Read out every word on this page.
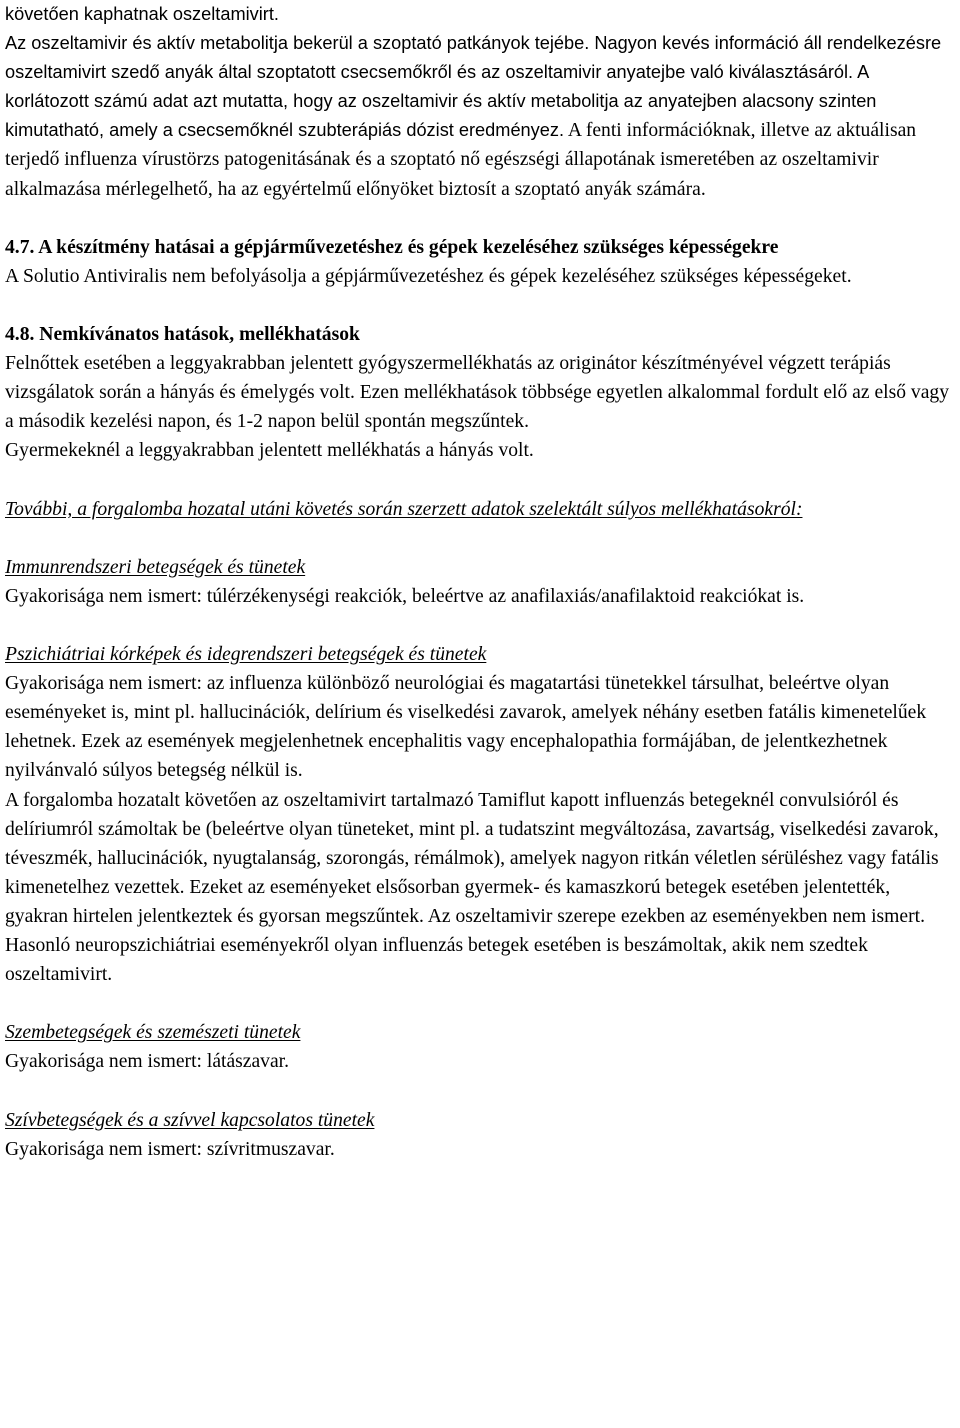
követően kaphatnak oszeltamivirt.

Az oszeltamivir és aktív metabolitja bekerül a szoptató patkányok tejébe. Nagyon kevés információ áll rendelkezésre oszeltamivirt szedő anyák által szoptatott csecsemőkről és az oszeltamivir anyatejbe való kiválasztásáról. A korlátozott számú adat azt mutatta, hogy az oszeltamivir és aktív metabolitja az anyatejben alacsony szinten kimutatható, amely a csecsemőknél szubterápiás dózist eredményez. A fenti információknak, illetve az aktuálisan terjedő influenza vírustörzs patogenitásának és a szoptató nő egészségi állapotának ismeretében az oszeltamivir alkalmazása mérlegelhető, ha az egyértelmű előnyöket biztosít a szoptató anyák számára.

4.7. A készítmény hatásai a gépjárművezetéshez és gépek kezeléséhez szükséges képességekre

A Solutio Antiviralis nem befolyásolja a gépjárművezetéshez és gépek kezeléséhez szükséges képességeket.

4.8. Nemkívánatos hatások, mellékhatások

Felnőttek esetében a leggyakrabban jelentett gyógyszermellékhatás az originátor készítményével végzett terápiás vizsgálatok során a hányás és émelygés volt. Ezen mellékhatások többsége egyetlen alkalommal fordult elő az első vagy a második kezelési napon, és 1-2 napon belül spontán megszűntek.

Gyermekeknél a leggyakrabban jelentett mellékhatás a hányás volt.

További, a forgalomba hozatal utáni követés során szerzett adatok szelektált súlyos mellékhatásokról:

Immunrendszeri betegségek és tünetek

Gyakorisága nem ismert: túlérzékenységi reakciók, beleértve az anafilaxiás/anafilaktoid reakciókat is.

Pszichiátriai kórképek és idegrendszeri betegségek és tünetek

Gyakorisága nem ismert: az influenza különböző neurológiai és magatartási tünetekkel társulhat, beleértve olyan eseményeket is, mint pl. hallucinációk, delírium és viselkedési zavarok, amelyek néhány esetben fatális kimenetelűek lehetnek. Ezek az események megjelenhetnek encephalitis vagy encephalopathia formájában, de jelentkezhetnek nyilvánvaló súlyos betegség nélkül is.

A forgalomba hozatalt követően az oszeltamivirt tartalmazó Tamiflut kapott influenzás betegeknél convulsióról és delíriumról számoltak be (beleértve olyan tüneteket, mint pl. a tudatszint megváltozása, zavartság, viselkedési zavarok, téveszmék, hallucinációk, nyugtalanság, szorongás, rémálmok), amelyek nagyon ritkán véletlen sérüléshez vagy fatális kimenetelhez vezettek. Ezeket az eseményeket elsősorban gyermek- és kamaszkorú betegek esetében jelentették, gyakran hirtelen jelentkeztek és gyorsan megszűntek. Az oszeltamivir szerepe ezekben az eseményekben nem ismert. Hasonló neuropszichiátriai eseményekről olyan influenzás betegek esetében is beszámoltak, akik nem szedtek oszeltamivirt.

Szembetegségek és szemészeti tünetek

Gyakorisága nem ismert: látászavar.

Szívbetegségek és a szívvel kapcsolatos tünetek

Gyakorisága nem ismert: szívritmuszavar.
